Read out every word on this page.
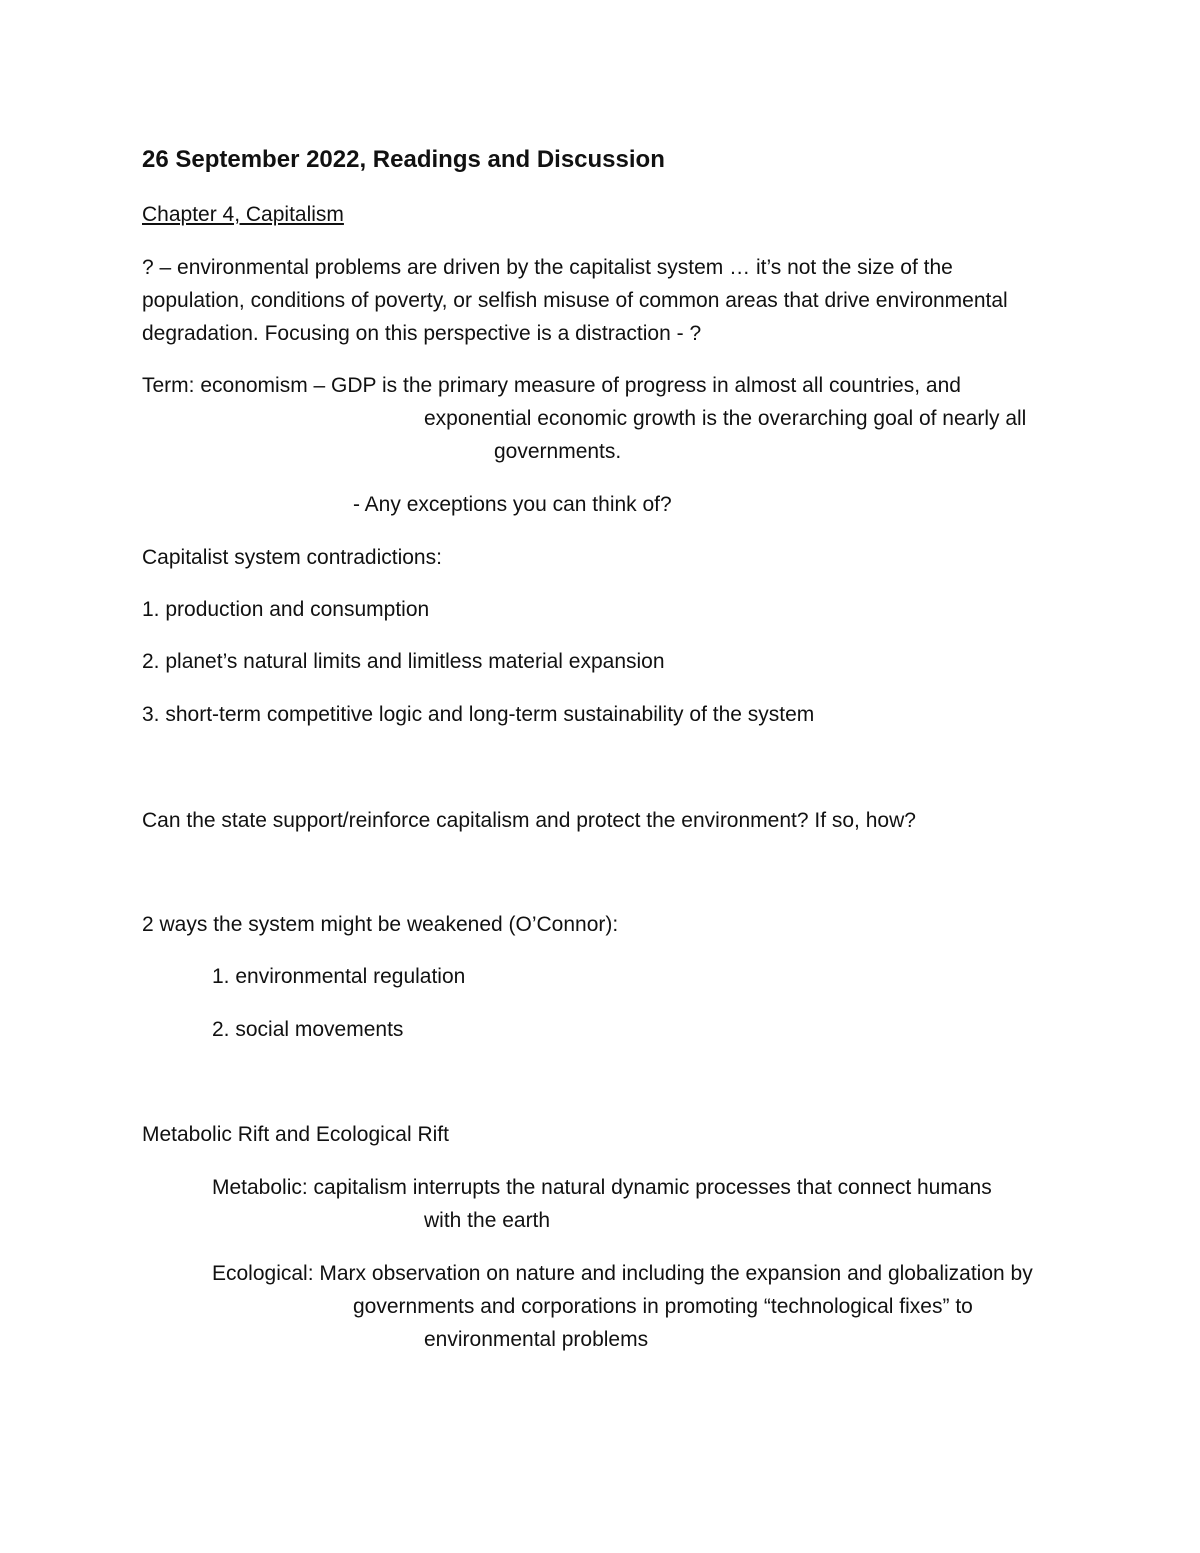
26 September 2022, Readings and Discussion

Chapter 4, Capitalism

? – environmental problems are driven by the capitalist system … it’s not the size of the

population, conditions of poverty, or selfish misuse of common areas that drive environmental

degradation. Focusing on this perspective is a distraction - ?

Term: economism – GDP is the primary measure of progress in almost all countries, and

exponential economic growth is the overarching goal of nearly all

governments.

- Any exceptions you can think of?

Capitalist system contradictions:

1. production and consumption

2. planet’s natural limits and limitless material expansion

3. short-term competitive logic and long-term sustainability of the system

Can the state support/reinforce capitalism and protect the environment? If so, how?

2 ways the system might be weakened (O’Connor):

1. environmental regulation

2. social movements

Metabolic Rift and Ecological Rift

Metabolic: capitalism interrupts the natural dynamic processes that connect humans

with the earth

Ecological: Marx observation on nature and including the expansion and globalization by

governments and corporations in promoting “technological fixes” to

environmental problems
